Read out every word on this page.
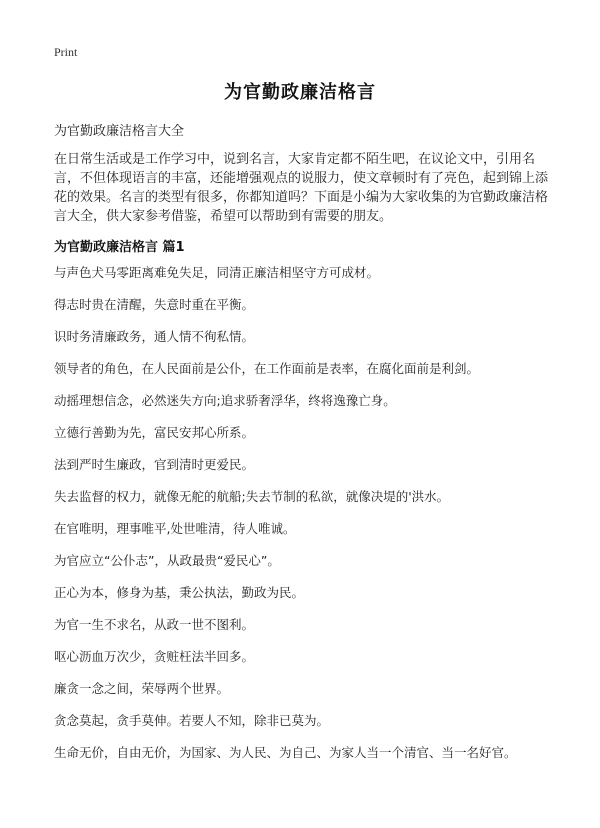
Print
为官勤政廉洁格言
为官勤政廉洁格言大全
在日常生活或是工作学习中，说到名言，大家肯定都不陌生吧，在议论文中，引用名言，不但体现语言的丰富，还能增强观点的说服力，使文章顿时有了亮色，起到锦上添花的效果。名言的类型有很多，你都知道吗？下面是小编为大家收集的为官勤政廉洁格言大全，供大家参考借鉴，希望可以帮助到有需要的朋友。
为官勤政廉洁格言 篇1
与声色犬马零距离难免失足，同清正廉洁相坚守方可成材。
得志时贵在清醒，失意时重在平衡。
识时务清廉政务，通人情不徇私情。
领导者的角色，在人民面前是公仆，在工作面前是表率，在腐化面前是利剑。
动摇理想信念，必然迷失方向;追求骄奢浮华，终将逸豫亡身。
立德行善勤为先，富民安邦心所系。
法到严时生廉政，官到清时更爱民。
失去监督的权力，就像无舵的航船;失去节制的私欲，就像决堤的'洪水。
在官唯明，理事唯平,处世唯清，待人唯诚。
为官应立“公仆志”，从政最贵“爱民心”。
正心为本，修身为基，秉公执法，勤政为民。
为官一生不求名，从政一世不图利。
呕心沥血万次少，贪赃枉法半回多。
廉贪一念之间，荣辱两个世界。
贪念莫起，贪手莫伸。若要人不知，除非已莫为。
生命无价，自由无价，为国家、为人民、为自己、为家人当一个清官、当一名好官。
